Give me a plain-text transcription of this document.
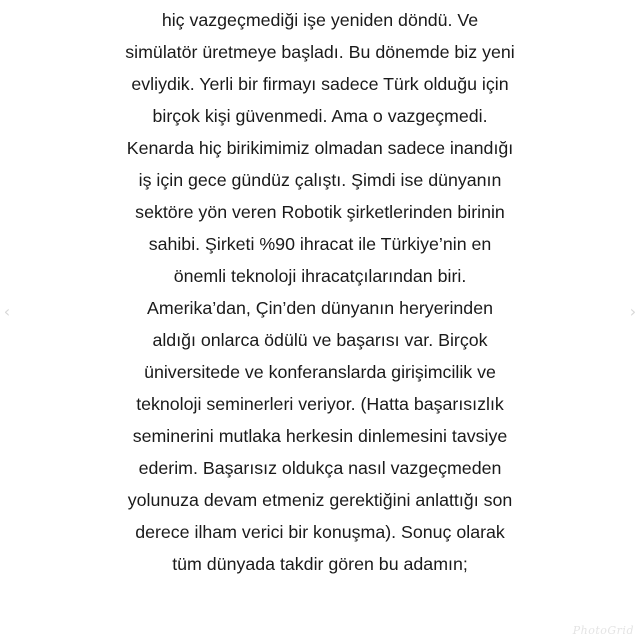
hiç vazgeçmediği işe yeniden döndü. Ve
simülatör üretmeye başladı. Bu dönemde biz yeni
evliydik. Yerli bir firmayı sadece Türk olduğu için
birçok kişi güvenmedi. Ama o vazgeçmedi.
Kenarda hiç birikimimiz olmadan sadece inandığı
iş için gece gündüz çalıştı. Şimdi ise dünyanın
sektöre yön veren Robotik şirketlerinden birinin
sahibi. Şirketi %90 ihracat ile Türkiye’nin en
önemli teknoloji ihracatçılarından biri.
Amerika’dan, Çin’den dünyanın heryerinden
aldığı onlarca ödülü ve başarısı var. Birçok
üniversitede ve konferanslarda girişimcilik ve
teknoloji seminerleri veriyor. (Hatta başarısızlık
seminerini mutlaka herkesin dinlemesini tavsiye
ederim. Başarısız oldukça nasıl vazgeçmeden
yolunuza devam etmeniz gerektiğini anlattığı son
derece ilham verici bir konuşma). Sonuç olarak
tüm dünyada takdir gören bu adamın;
‹	›
PhotoGrid
